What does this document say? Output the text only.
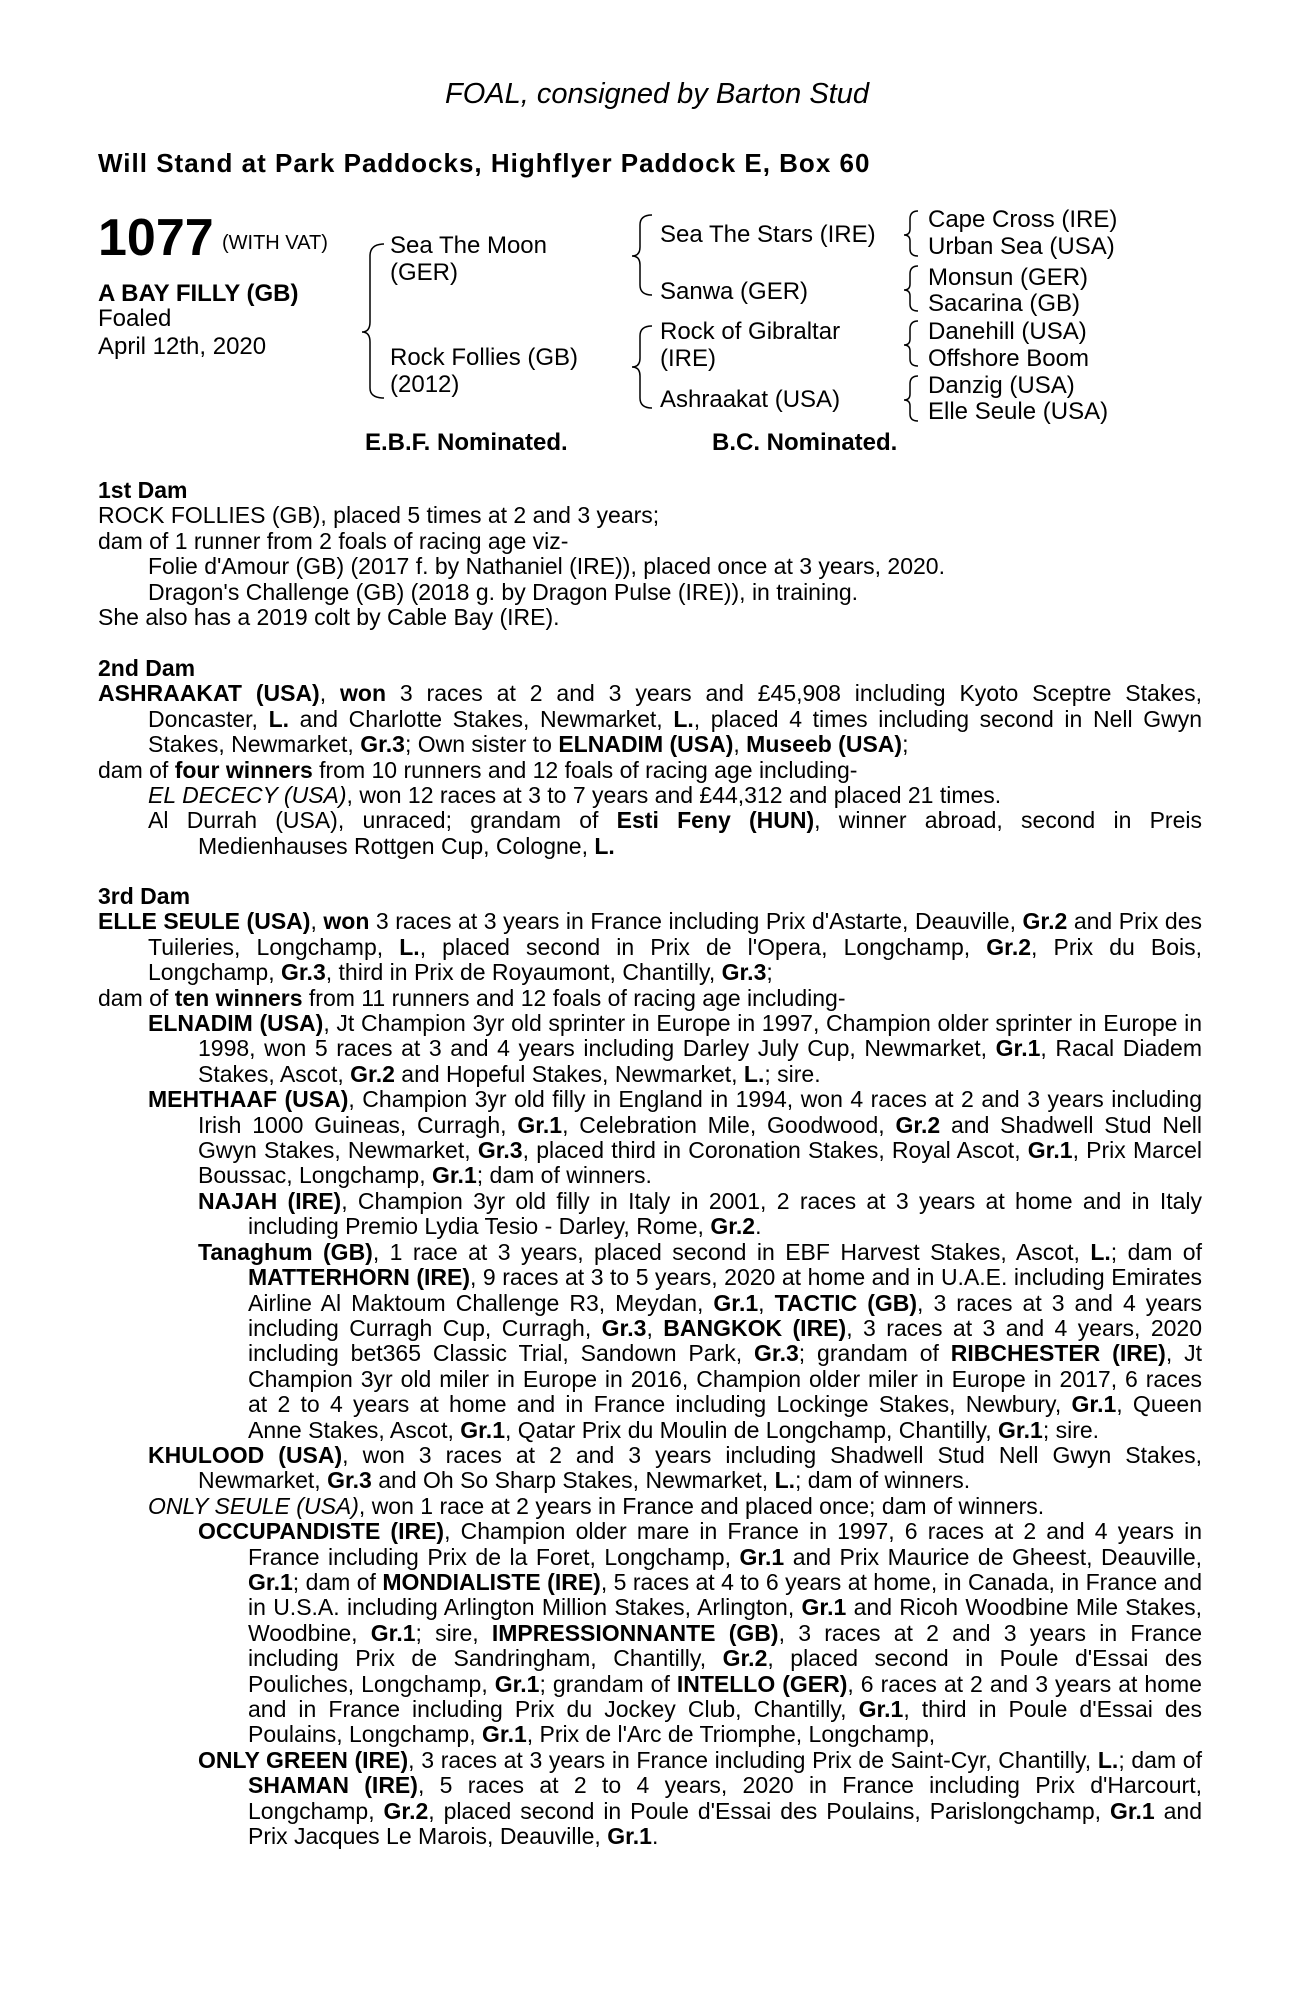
FOAL, consigned by Barton Stud
Will Stand at Park Paddocks, Highflyer Paddock E, Box 60
1077 (WITH VAT)
A BAY FILLY (GB)
Foaled
April 12th, 2020
Sea The Moon
(GER)
Rock Follies (GB)
(2012)
Sea The Stars (IRE)
Sanwa (GER)
Rock of Gibraltar
(IRE)
Ashraakat (USA)
Cape Cross (IRE)
Urban Sea (USA)
Monsun (GER)
Sacarina (GB)
Danehill (USA)
Offshore Boom
Danzig (USA)
Elle Seule (USA)
E.B.F. Nominated.	B.C. Nominated.
1st Dam
ROCK FOLLIES (GB), placed 5 times at 2 and 3 years;
dam of 1 runner from 2 foals of racing age viz-
Folie d'Amour (GB) (2017 f. by Nathaniel (IRE)), placed once at 3 years, 2020.
Dragon's Challenge (GB) (2018 g. by Dragon Pulse (IRE)), in training.
She also has a 2019 colt by Cable Bay (IRE).
2nd Dam
ASHRAAKAT (USA), won 3 races at 2 and 3 years and £45,908 including Kyoto Sceptre Stakes, Doncaster, L. and Charlotte Stakes, Newmarket, L., placed 4 times including second in Nell Gwyn Stakes, Newmarket, Gr.3; Own sister to ELNADIM (USA), Museeb (USA);
dam of four winners from 10 runners and 12 foals of racing age including-
EL DECECY (USA), won 12 races at 3 to 7 years and £44,312 and placed 21 times.
Al Durrah (USA), unraced; grandam of Esti Feny (HUN), winner abroad, second in Preis Medienhauses Rottgen Cup, Cologne, L.
3rd Dam
ELLE SEULE (USA), won 3 races at 3 years in France including Prix d'Astarte, Deauville, Gr.2 and Prix des Tuileries, Longchamp, L., placed second in Prix de l'Opera, Longchamp, Gr.2, Prix du Bois, Longchamp, Gr.3, third in Prix de Royaumont, Chantilly, Gr.3;
dam of ten winners from 11 runners and 12 foals of racing age including-
ELNADIM (USA), Jt Champion 3yr old sprinter in Europe in 1997, Champion older sprinter in Europe in 1998, won 5 races at 3 and 4 years including Darley July Cup, Newmarket, Gr.1, Racal Diadem Stakes, Ascot, Gr.2 and Hopeful Stakes, Newmarket, L.; sire.
MEHTHAAF (USA), Champion 3yr old filly in England in 1994, won 4 races at 2 and 3 years including Irish 1000 Guineas, Curragh, Gr.1, Celebration Mile, Goodwood, Gr.2 and Shadwell Stud Nell Gwyn Stakes, Newmarket, Gr.3, placed third in Coronation Stakes, Royal Ascot, Gr.1, Prix Marcel Boussac, Longchamp, Gr.1; dam of winners.
NAJAH (IRE), Champion 3yr old filly in Italy in 2001, 2 races at 3 years at home and in Italy including Premio Lydia Tesio - Darley, Rome, Gr.2.
Tanaghum (GB), 1 race at 3 years, placed second in EBF Harvest Stakes, Ascot, L.; dam of MATTERHORN (IRE), 9 races at 3 to 5 years, 2020 at home and in U.A.E. including Emirates Airline Al Maktoum Challenge R3, Meydan, Gr.1, TACTIC (GB), 3 races at 3 and 4 years including Curragh Cup, Curragh, Gr.3, BANGKOK (IRE), 3 races at 3 and 4 years, 2020 including bet365 Classic Trial, Sandown Park, Gr.3; grandam of RIBCHESTER (IRE), Jt Champion 3yr old miler in Europe in 2016, Champion older miler in Europe in 2017, 6 races at 2 to 4 years at home and in France including Lockinge Stakes, Newbury, Gr.1, Queen Anne Stakes, Ascot, Gr.1, Qatar Prix du Moulin de Longchamp, Chantilly, Gr.1; sire.
KHULOOD (USA), won 3 races at 2 and 3 years including Shadwell Stud Nell Gwyn Stakes, Newmarket, Gr.3 and Oh So Sharp Stakes, Newmarket, L.; dam of winners.
ONLY SEULE (USA), won 1 race at 2 years in France and placed once; dam of winners.
OCCUPANDISTE (IRE), Champion older mare in France in 1997, 6 races at 2 and 4 years in France including Prix de la Foret, Longchamp, Gr.1 and Prix Maurice de Gheest, Deauville, Gr.1; dam of MONDIALISTE (IRE), 5 races at 4 to 6 years at home, in Canada, in France and in U.S.A. including Arlington Million Stakes, Arlington, Gr.1 and Ricoh Woodbine Mile Stakes, Woodbine, Gr.1; sire, IMPRESSIONNANTE (GB), 3 races at 2 and 3 years in France including Prix de Sandringham, Chantilly, Gr.2, placed second in Poule d'Essai des Pouliches, Longchamp, Gr.1; grandam of INTELLO (GER), 6 races at 2 and 3 years at home and in France including Prix du Jockey Club, Chantilly, Gr.1, third in Poule d'Essai des Poulains, Longchamp, Gr.1, Prix de l'Arc de Triomphe, Longchamp,
ONLY GREEN (IRE), 3 races at 3 years in France including Prix de Saint-Cyr, Chantilly, L.; dam of SHAMAN (IRE), 5 races at 2 to 4 years, 2020 in France including Prix d'Harcourt, Longchamp, Gr.2, placed second in Poule d'Essai des Poulains, Parislongchamp, Gr.1 and Prix Jacques Le Marois, Deauville, Gr.1.
